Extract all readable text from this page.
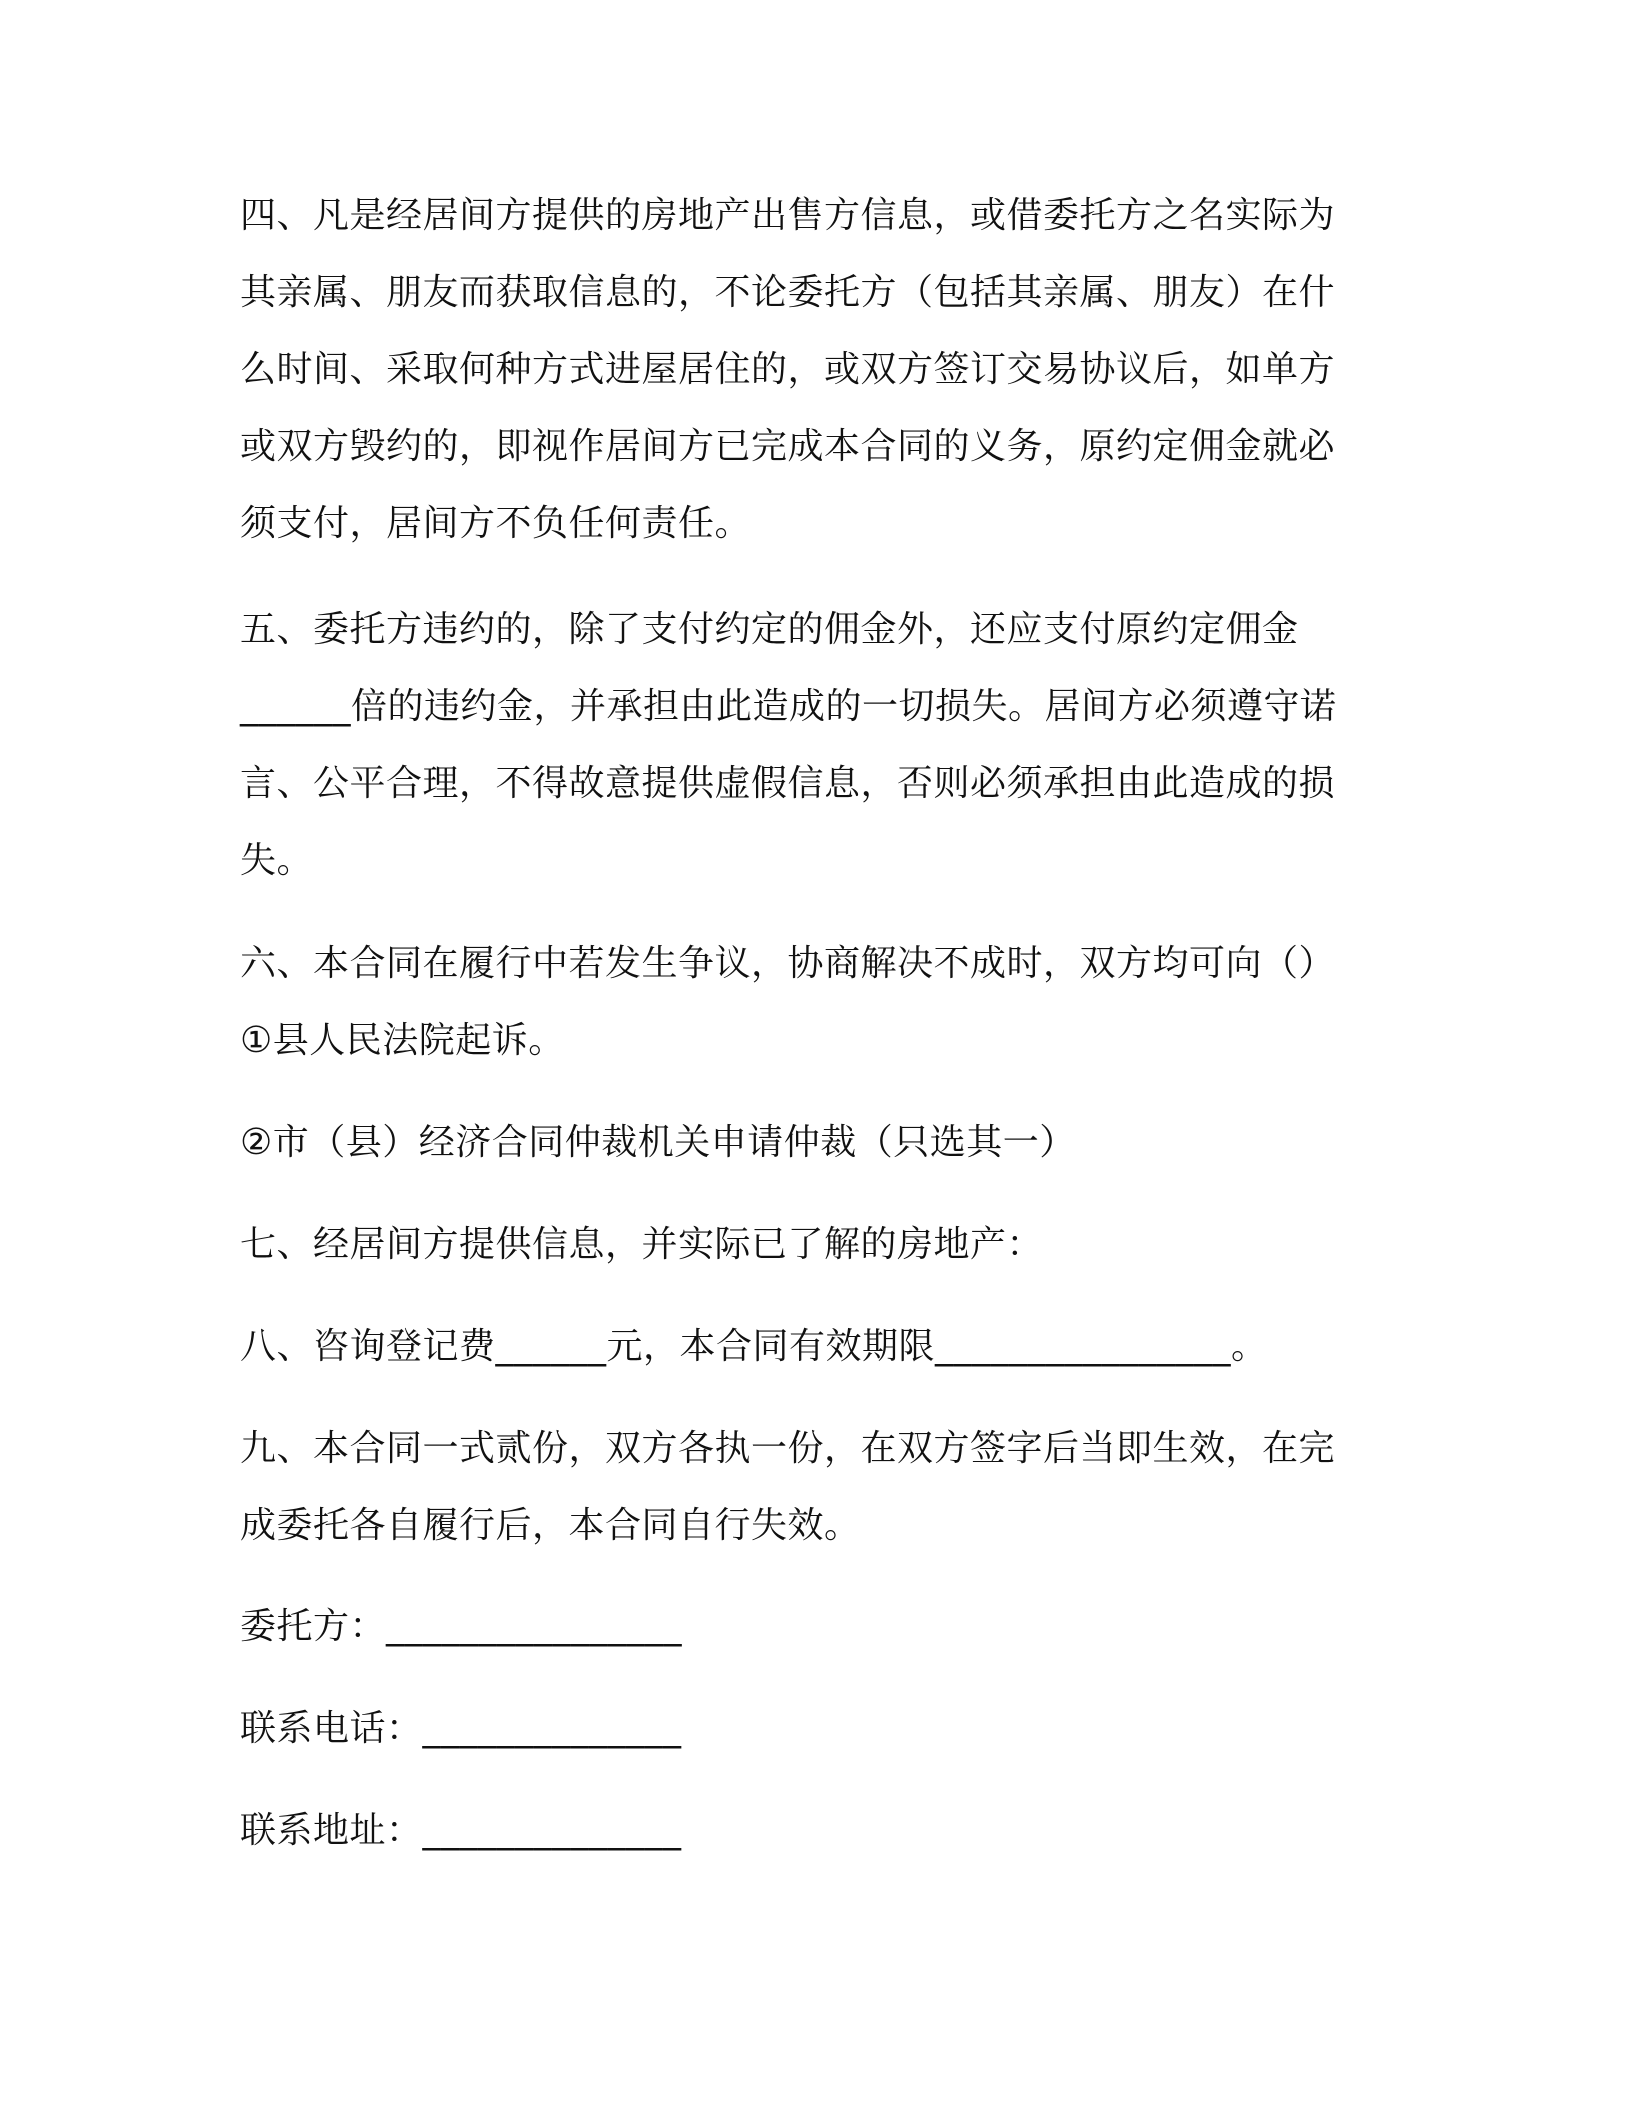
四、凡是经居间方提供的房地产出售方信息，或借委托方之名实际为
其亲属、朋友而获取信息的，不论委托方（包括其亲属、朋友）在什
么时间、采取何种方式进屋居住的，或双方签订交易协议后，如单方
或双方毁约的，即视作居间方已完成本合同的义务，原约定佣金就必
须支付，居间方不负任何责任。
五、委托方违约的，除了支付约定的佣金外，还应支付原约定佣金
______倍的违约金，并承担由此造成的一切损失。居间方必须遵守诺
言、公平合理，不得故意提供虚假信息，否则必须承担由此造成的损
失。
六、本合同在履行中若发生争议，协商解决不成时，双方均可向（）
①县人民法院起诉。
②市（县）经济合同仲裁机关申请仲裁（只选其一）
七、经居间方提供信息，并实际已了解的房地产：
八、咨询登记费______元，本合同有效期限________________。
九、本合同一式贰份，双方各执一份，在双方签字后当即生效，在完
成委托各自履行后，本合同自行失效。
委托方：________________
联系电话：______________
联系地址：______________
